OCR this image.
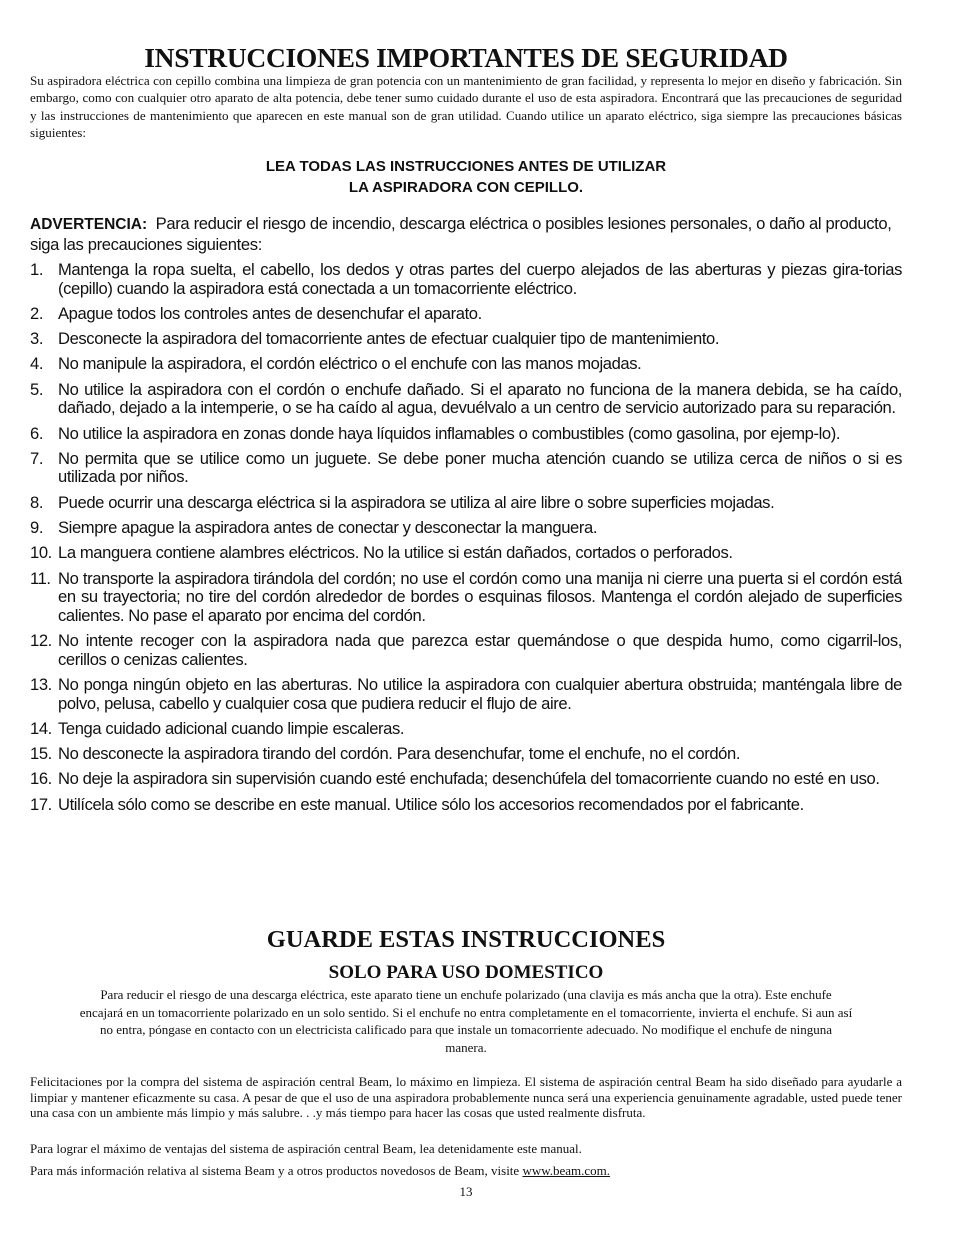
INSTRUCCIONES IMPORTANTES DE SEGURIDAD

Su aspiradora eléctrica con cepillo combina una limpieza de gran potencia con un mantenimiento de gran facilidad, y representa lo mejor en diseño y fabricación. Sin embargo, como con cualquier otro aparato de alta potencia, debe tener sumo cuidado durante el uso de esta aspiradora. Encontrará que las precauciones de seguridad y las instrucciones de mantenimiento que aparecen en este manual son de gran utilidad. Cuando utilice un aparato eléctrico, siga siempre las precauciones básicas siguientes:

LEA TODAS LAS INSTRUCCIONES ANTES DE UTILIZAR
LA ASPIRADORA CON CEPILLO.

ADVERTENCIA: Para reducir el riesgo de incendio, descarga eléctrica o posibles lesiones personales, o daño al producto, siga las precauciones siguientes:

1. Mantenga la ropa suelta, el cabello, los dedos y otras partes del cuerpo alejados de las aberturas y piezas gira-torias (cepillo) cuando la aspiradora está conectada a un tomacorriente eléctrico.
2. Apague todos los controles antes de desenchufar el aparato.
3. Desconecte la aspiradora del tomacorriente antes de efectuar cualquier tipo de mantenimiento.
4. No manipule la aspiradora, el cordón eléctrico o el enchufe con las manos mojadas.
5. No utilice la aspiradora con el cordón o enchufe dañado. Si el aparato no funciona de la manera debida, se ha caído, dañado, dejado a la intemperie, o se ha caído al agua, devuélvalo a un centro de servicio autorizado para su reparación.
6. No utilice la aspiradora en zonas donde haya líquidos inflamables o combustibles (como gasolina, por ejemp-lo).
7. No permita que se utilice como un juguete. Se debe poner mucha atención cuando se utiliza cerca de niños o si es utilizada por niños.
8. Puede ocurrir una descarga eléctrica si la aspiradora se utiliza al aire libre o sobre superficies mojadas.
9. Siempre apague la aspiradora antes de conectar y desconectar la manguera.
10. La manguera contiene alambres eléctricos. No la utilice si están dañados, cortados o perforados.
11. No transporte la aspiradora tirándola del cordón; no use el cordón como una manija ni cierre una puerta si el cordón está en su trayectoria; no tire del cordón alrededor de bordes o esquinas filosos. Mantenga el cordón alejado de superficies calientes. No pase el aparato por encima del cordón.
12. No intente recoger con la aspiradora nada que parezca estar quemándose o que despida humo, como cigarril-los, cerillos o cenizas calientes.
13. No ponga ningún objeto en las aberturas. No utilice la aspiradora con cualquier abertura obstruida; manténgala libre de polvo, pelusa, cabello y cualquier cosa que pudiera reducir el flujo de aire.
14. Tenga cuidado adicional cuando limpie escaleras.
15. No desconecte la aspiradora tirando del cordón. Para desenchufar, tome el enchufe, no el cordón.
16. No deje la aspiradora sin supervisión cuando esté enchufada; desenchúfela del tomacorriente cuando no esté en uso.
17. Utilícela sólo como se describe en este manual. Utilice sólo los accesorios recomendados por el fabricante.
GUARDE ESTAS INSTRUCCIONES
SOLO PARA USO DOMESTICO

Para reducir el riesgo de una descarga eléctrica, este aparato tiene un enchufe polarizado (una clavija es más ancha que la otra). Este enchufe encajará en un tomacorriente polarizado en un solo sentido. Si el enchufe no entra completamente en el tomacorriente, invierta el enchufe. Si aun así no entra, póngase en contacto con un electricista calificado para que instale un tomacorriente adecuado. No modifique el enchufe de ninguna manera.

Felicitaciones por la compra del sistema de aspiración central Beam, lo máximo en limpieza. El sistema de aspiración central Beam ha sido diseñado para ayudarle a limpiar y mantener eficazmente su casa. A pesar de que el uso de una aspiradora probablemente nunca será una experiencia genuinamente agradable, usted puede tener una casa con un ambiente más limpio y más salubre. . .y más tiempo para hacer las cosas que usted realmente disfruta.

Para lograr el máximo de ventajas del sistema de aspiración central Beam, lea detenidamente este manual.

Para más información relativa al sistema Beam y a otros productos novedosos de Beam, visite www.beam.com.

13
